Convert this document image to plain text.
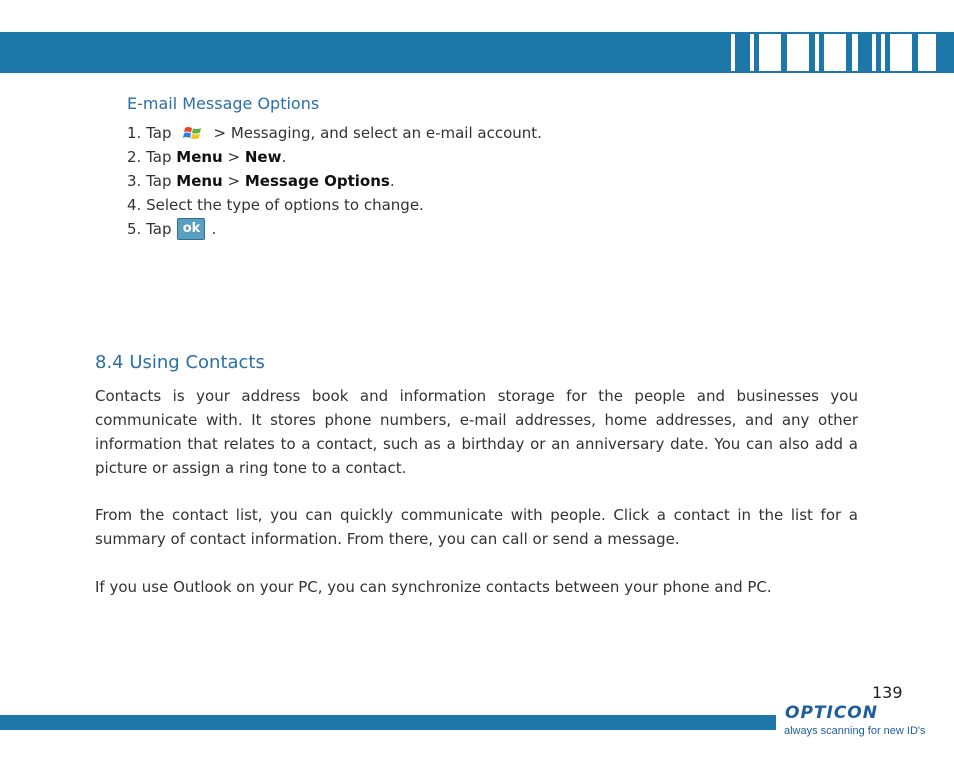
E-mail Message Options
1. Tap	> Messaging, and select an e-mail account.
2. Tap
Menu
>
New .
3. Tap
Menu
>
Message Options .
4. Select the type of options to change.
5. Tap ok .
8.4 Using Contacts

Contacts is your address book and information storage for the people and businesses you communicate with. It stores phone numbers, e-mail addresses, home addresses, and any other information that relates to a contact, such as a birthday or an anniversary date. You can also add a picture or assign a ring tone to a contact.

From the contact list, you can quickly communicate with people. Click a contact in the list for a summary of contact information. From there, you can call or send a message.

If you use Outlook on your PC, you can synchronize contacts between your phone and PC.

139
OPTICON
always scanning for new ID's
